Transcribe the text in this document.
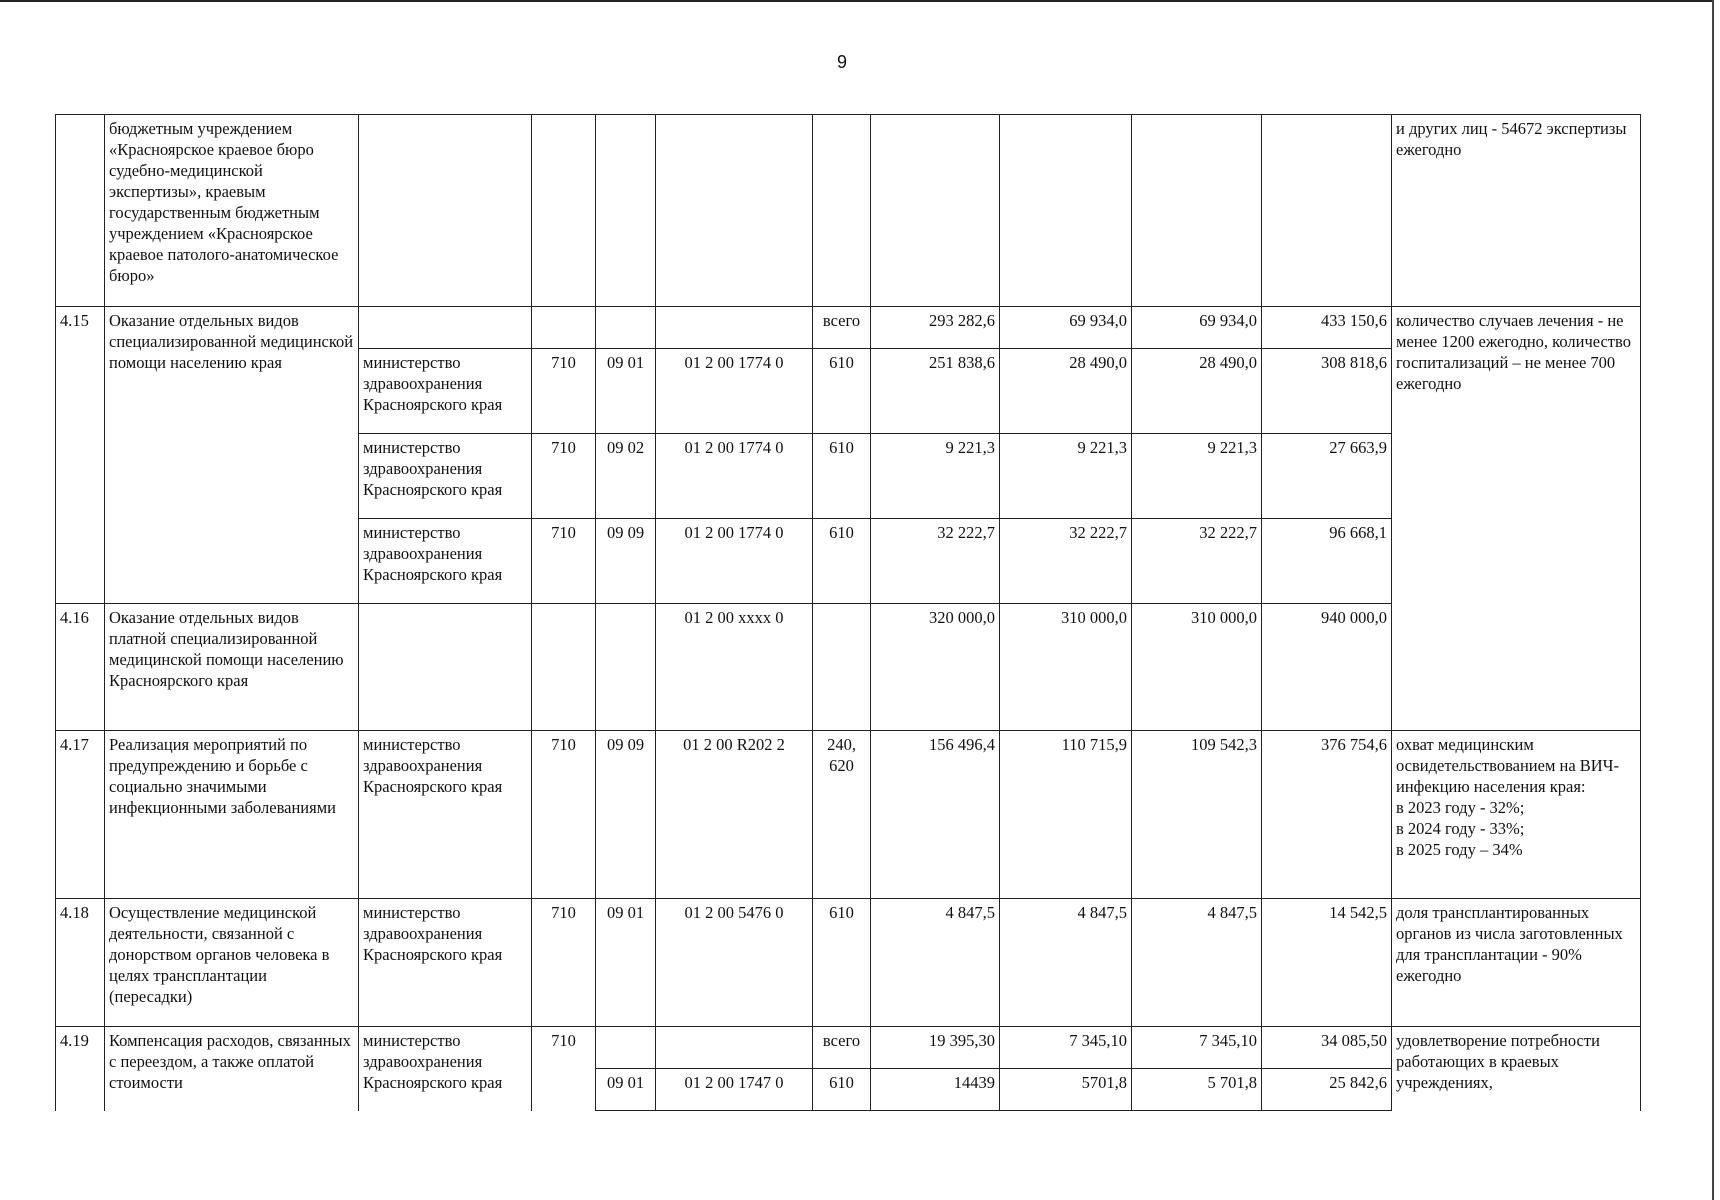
9
	бюджетным учреждением «Красноярское краевое бюро судебно-медицинской экспертизы», краевым государственным бюджетным учреждением «Красноярское краевое патолого-анатомическое бюро»										и других лиц - 54672 экспертизы ежегодно
4.15	Оказание отдельных видов специализированной медицинской помощи населению края					всего	293 282,6	69 934,0	69 934,0	433 150,6	количество случаев лечения - не менее 1200 ежегодно, количество госпитализаций – не менее 700 ежегодно
		министерство здравоохранения Красноярского края	710	09 01	01 2 00 1774 0	610	251 838,6	28 490,0	28 490,0	308 818,6	
		министерство здравоохранения Красноярского края	710	09 02	01 2 00 1774 0	610	9 221,3	9 221,3	9 221,3	27 663,9	
		министерство здравоохранения Красноярского края	710	09 09	01 2 00 1774 0	610	32 222,7	32 222,7	32 222,7	96 668,1	
4.16	Оказание отдельных видов платной специализированной медицинской помощи населению Красноярского края				01 2 00 xxxx 0		320 000,0	310 000,0	310 000,0	940 000,0	
4.17	Реализация мероприятий по предупреждению и борьбе с социально значимыми инфекционными заболеваниями	министерство здравоохранения Красноярского края	710	09 09	01 2 00 R202 2	240, 620	156 496,4	110 715,9	109 542,3	376 754,6	охват медицинским освидетельствованием на ВИЧ-инфекцию населения края:
в 2023 году - 32%;
в 2024 году - 33%;
в 2025 году – 34%

4.18	Осуществление медицинской деятельности, связанной с донорством органов человека в целях трансплантации (пересадки)	министерство здравоохранения Красноярского края	710	09 01	01 2 00 5476 0	610	4 847,5	4 847,5	4 847,5	14 542,5	доля трансплантированных органов из числа заготовленных для трансплантации - 90% ежегодно
4.19	Компенсация расходов, связанных с переездом, а также оплатой стоимости	министерство здравоохранения Красноярского края	710			всего	19 395,30	7 345,10	7 345,10	34 085,50	удовлетворение потребности работающих в краевых учреждениях,
				09 01	01 2 00 1747 0	610	14439	5701,8	5 701,8	25 842,6	
